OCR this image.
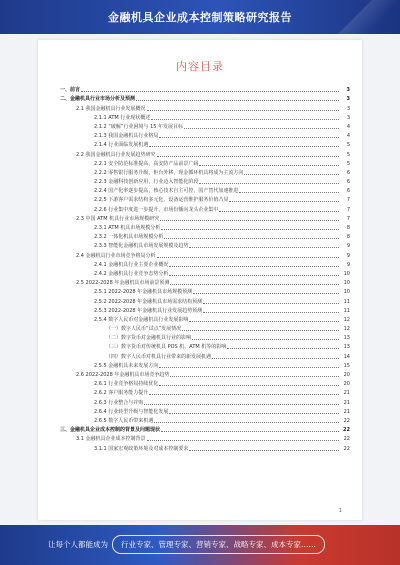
金融机具企业成本控制策略研究报告
内容目录
一、前言	3
二、金融机具行业市场分析及预测	3
2.1 我国金融机具行业发展概况	3
2.1.1 ATM 行业现状概述	3
2.1.2 “破解”行业困境与 15 年发展目标	4
2.1.3 我国金融机具行业格局	4
2.1.4 行业面临发展机遇	5
2.2 我国金融机具行业发展趋势研究	5
2.2.1 安全防范标准提高，高安防产品前景广阔	5
2.2.2 零售银行服务升级，柜台外移，现金循环机具将成为主流方向	6
2.2.3 金融科技创新应用，行业迈入智能化阶段	6
2.2.4 国产化率逐步提高，核心技术自主可控，国产替代加速推进	6
2.2.5 下游客户需求结构多元化，设备运营维护服务价值凸显	7
2.2.6 行业集中度进一步提升，市场份额向龙头企业集中	7
2.3 中国 ATM 机具行业市场规模研究	7
2.3.1 ATM 机具市场规模分析	8
2.3.2 一体化机具市场规模分析	8
2.3.3 智能化金融机具市场发展规模及趋势	9
2.4 金融机具行业市场竞争格局分析	9
2.4.1 金融机具行业主要企业概况	9
2.4.2 金融机具行业竞争态势分析	10
2.5 2022-2028 年金融机具市场前景预测	10
2.5.1 2022-2028 年金融机具市场规模预测	10
2.5.2 2022-2028 年金融机具市场需求结构预测	11
2.5.3 2022-2028 年金融机具行业发展趋势预测	11
2.5.4 数字人民币对金融机具行业发展影响	12
（一）数字人民币“试点”发展情况	12
（二）数字货币对金融机具行业的影响	13
（三）数字货币对传统机具 POS 机、ATM 机等的影响	13
（四）数字人民币对机具行业带来的新发展机遇	14
2.5.5 金融机具未来发展方向	15
2.6 2022-2028 年金融机具市场竞争趋势	20
2.6.1 行业竞争格局持续优化	20
2.6.2 客户服务能力提升	21
2.6.3 行业整合与并购	21
2.6.4 行业转型升级与智能化发展	21
2.6.5 数字人民币带来机遇	22
三、金融机具企业成本控制的背景及问题现状	22
3.1 金融机具企业成本控制背景	22
3.1.1 国家宏观政策环境及对成本控制要求	22
1
让每个人都能成为	行业专家、管理专家、营销专家、战略专家、成本专家……
